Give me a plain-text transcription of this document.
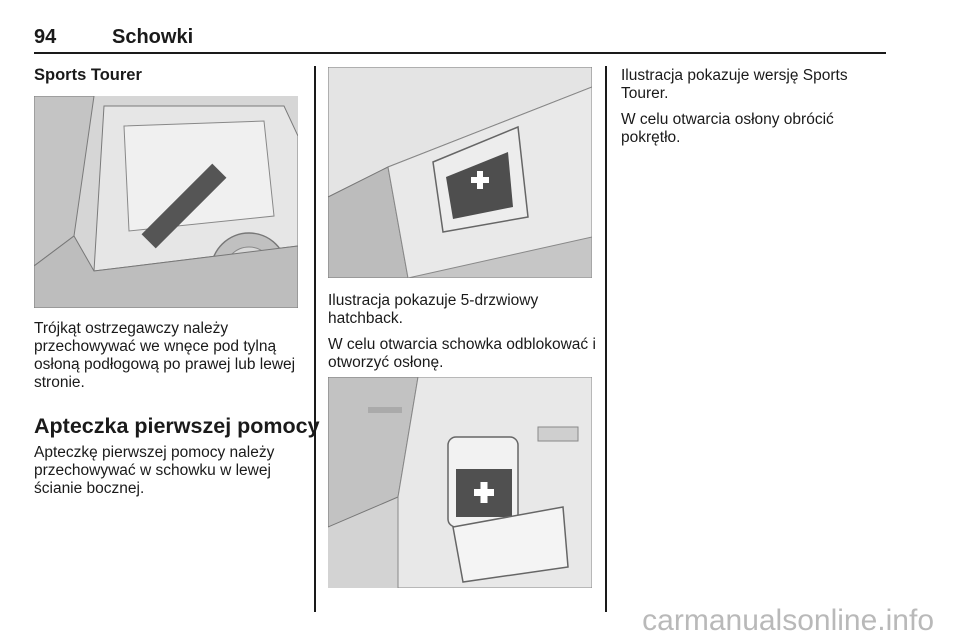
94	Schowki
Sports Tourer
Trójkąt ostrzegawczy należy przechowywać we wnęce pod tylną osłoną podłogową po prawej lub lewej stronie.
Apteczka pierwszej pomocy
Apteczkę pierwszej pomocy należy przechowywać w schowku w lewej ścianie bocznej.

Ilustracja pokazuje 5-drzwiowy hatchback.

W celu otwarcia schowka odblokować i otworzyć osłonę.

Ilustracja pokazuje wersję Sports Tourer.

W celu otwarcia osłony obrócić pokrętło.

carmanualsonline.info
